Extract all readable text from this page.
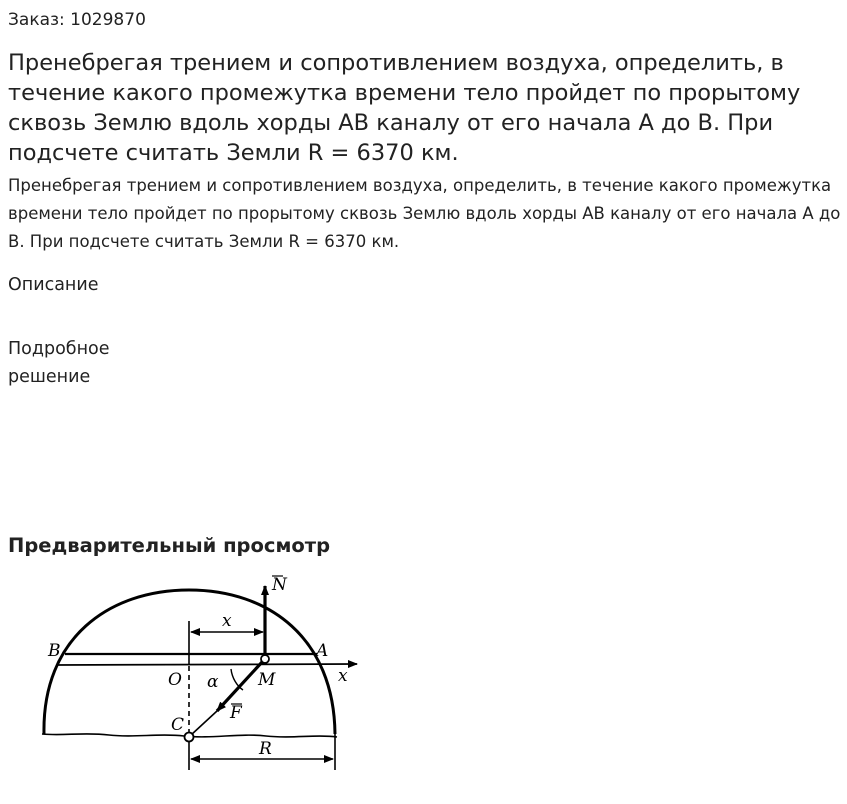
Заказ: 1029870
Пренебрегая трением и сопротивлением воздуха, определить, в течение какого промежутка времени тело пройдет по прорытому сквозь Землю вдоль хорды AB каналу от его начала A до B. При подсчете считать Земли R = 6370 км.

Пренебрегая трением и сопротивлением воздуха, определить, в течение какого промежутка времени тело пройдет по прорытому сквозь Землю вдоль хорды AB каналу от его начала A до B. При подсчете считать Земли R = 6370 км.

Описание
Подробное решение
Предварительный просмотр
B	A
O	M
C
x
x
α
N
F
R
